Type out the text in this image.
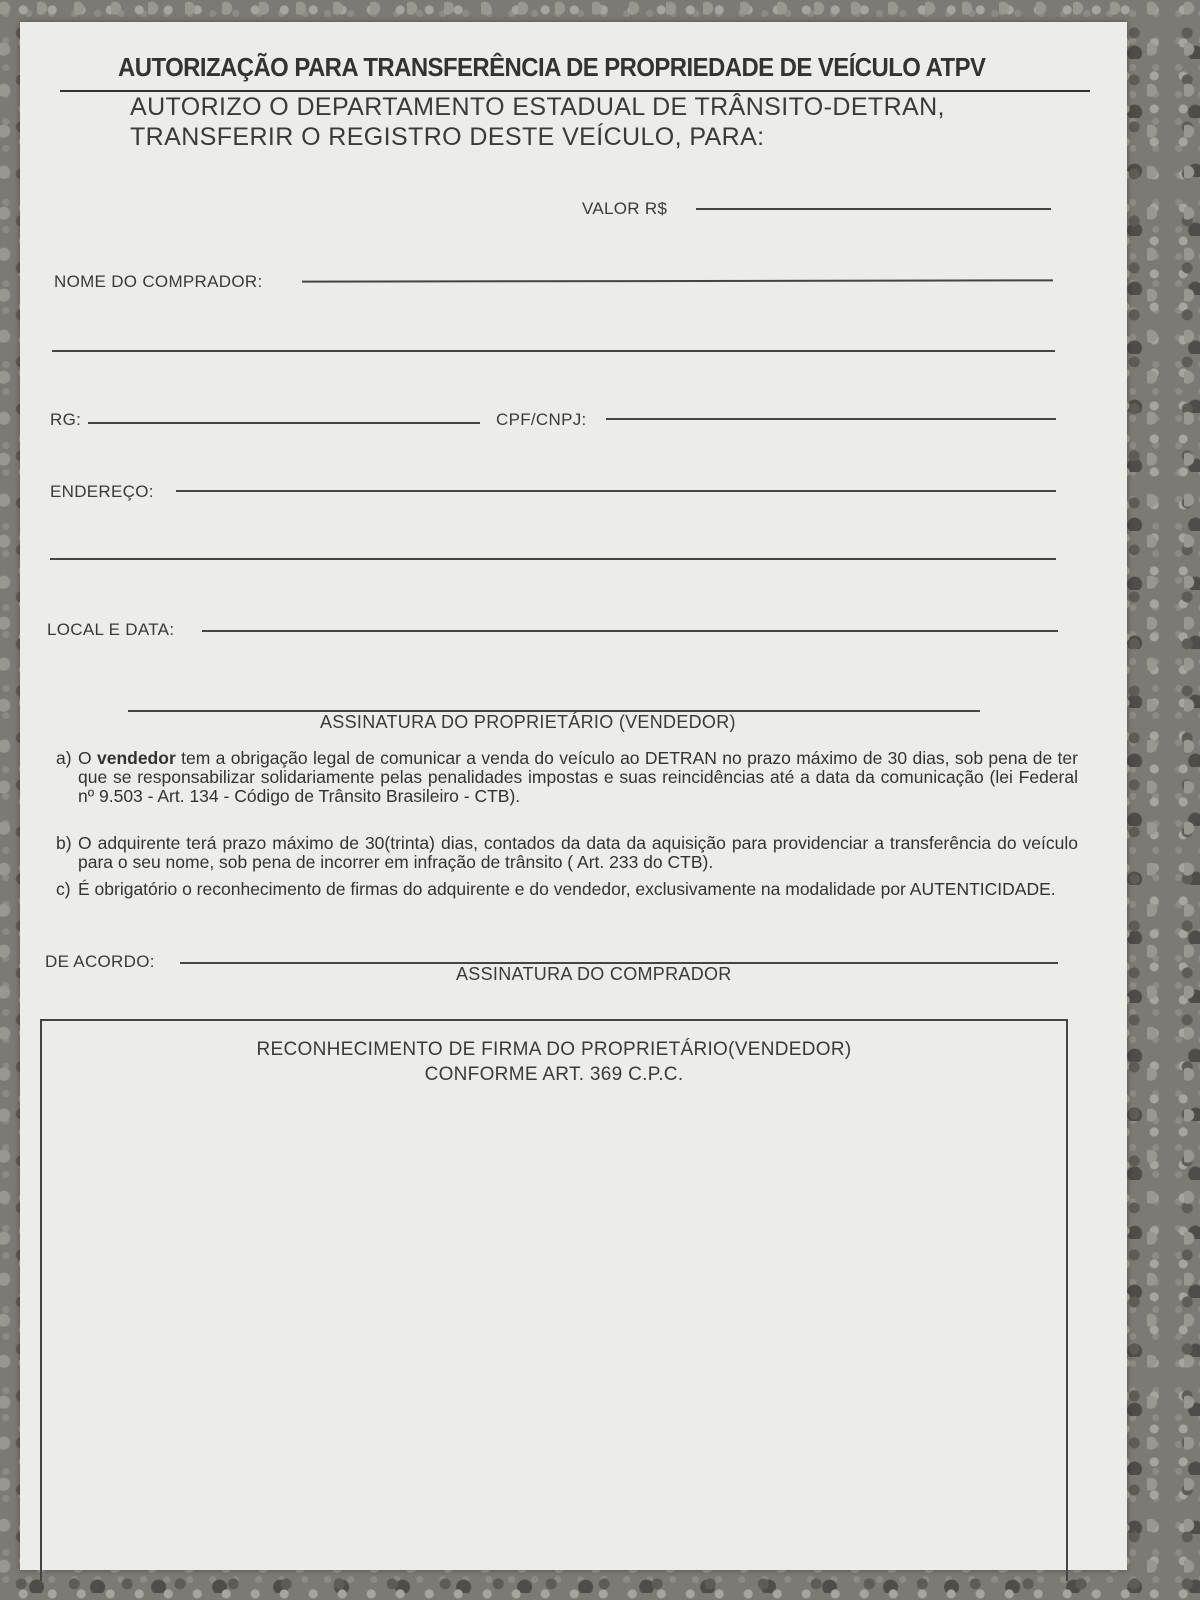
AUTORIZAÇÃO PARA TRANSFERÊNCIA DE PROPRIEDADE DE VEÍCULO ATPV
AUTORIZO O DEPARTAMENTO ESTADUAL DE TRÂNSITO-DETRAN,
TRANSFERIR O REGISTRO DESTE VEÍCULO, PARA:
VALOR R$
NOME DO COMPRADOR:
RG:	CPF/CNPJ:
ENDEREÇO:
LOCAL E DATA:
ASSINATURA DO PROPRIETÁRIO (VENDEDOR)
a) O vendedor tem a obrigação legal de comunicar a venda do veículo ao DETRAN no prazo máximo de 30 dias, sob pena de ter que se responsabilizar solidariamente pelas penalidades impostas e suas reincidências até a data da comunicação (lei Federal nº 9.503 - Art. 134 - Código de Trânsito Brasileiro - CTB).
b) O adquirente terá prazo máximo de 30(trinta) dias, contados da data da aquisição para providenciar a transferência do veículo para o seu nome, sob pena de incorrer em infração de trânsito ( Art. 233 do CTB).
c) É obrigatório o reconhecimento de firmas do adquirente e do vendedor, exclusivamente na modalidade por AUTENTICIDADE.
DE ACORDO:
ASSINATURA DO COMPRADOR
RECONHECIMENTO DE FIRMA DO PROPRIETÁRIO(VENDEDOR)
CONFORME ART. 369 C.P.C.
